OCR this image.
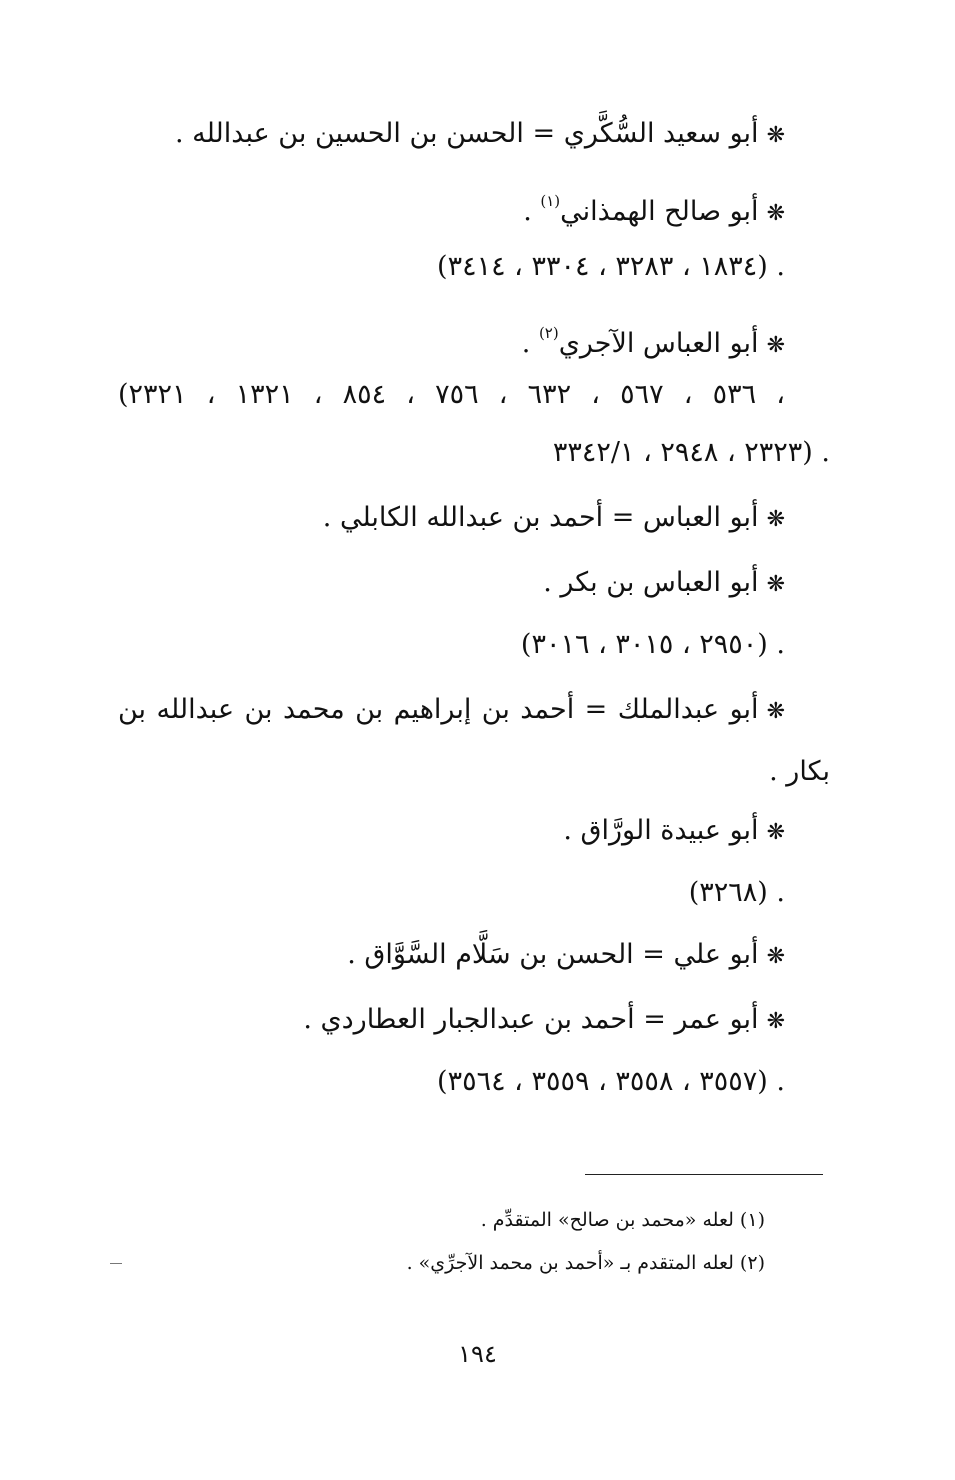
❋أبو سعيد السُّكَّري = الحسن بن الحسين بن عبدالله .
❋أبو صالح الهمذاني$^{(١)}$ .
(١٨٣٤ ، ٣٢٨٣ ، ٣٣٠٤ ، ٣٤١٤) .
❋أبو العباس الآجري$^{(٢)}$ .
(٥٣٦ ، ٥٦٧ ، ٦٣٢ ، ٧٥٦ ، ٨٥٤ ، ١٣٢١ ، ٢٣٢١ ،
٢٣٢٣ ، ٢٩٤٨ ، ٣٣٤٢/١) .
❋أبو العباس = أحمد بن عبدالله الكابلي .
❋أبو العباس بن بكر .
(٢٩٥٠ ، ٣٠١٥ ، ٣٠١٦) .
❋أبو عبدالملك = أحمد بن إبراهيم بن محمد بن عبدالله بن
بكار .
❋أبو عبيدة الورَّاق .
(٣٢٦٨) .
❋أبو علي = الحسن بن سَلَّام السَّوَّاق .
❋أبو عمر = أحمد بن عبدالجبار العطاردي .
(٣٥٥٧ ، ٣٥٥٨ ، ٣٥٥٩ ، ٣٥٦٤) .
(١) لعله «محمد بن صالح» المتقدِّم .
(٢) لعله المتقدم بـ «أحمد بن محمد الآجرِّي» .
١٩٤
